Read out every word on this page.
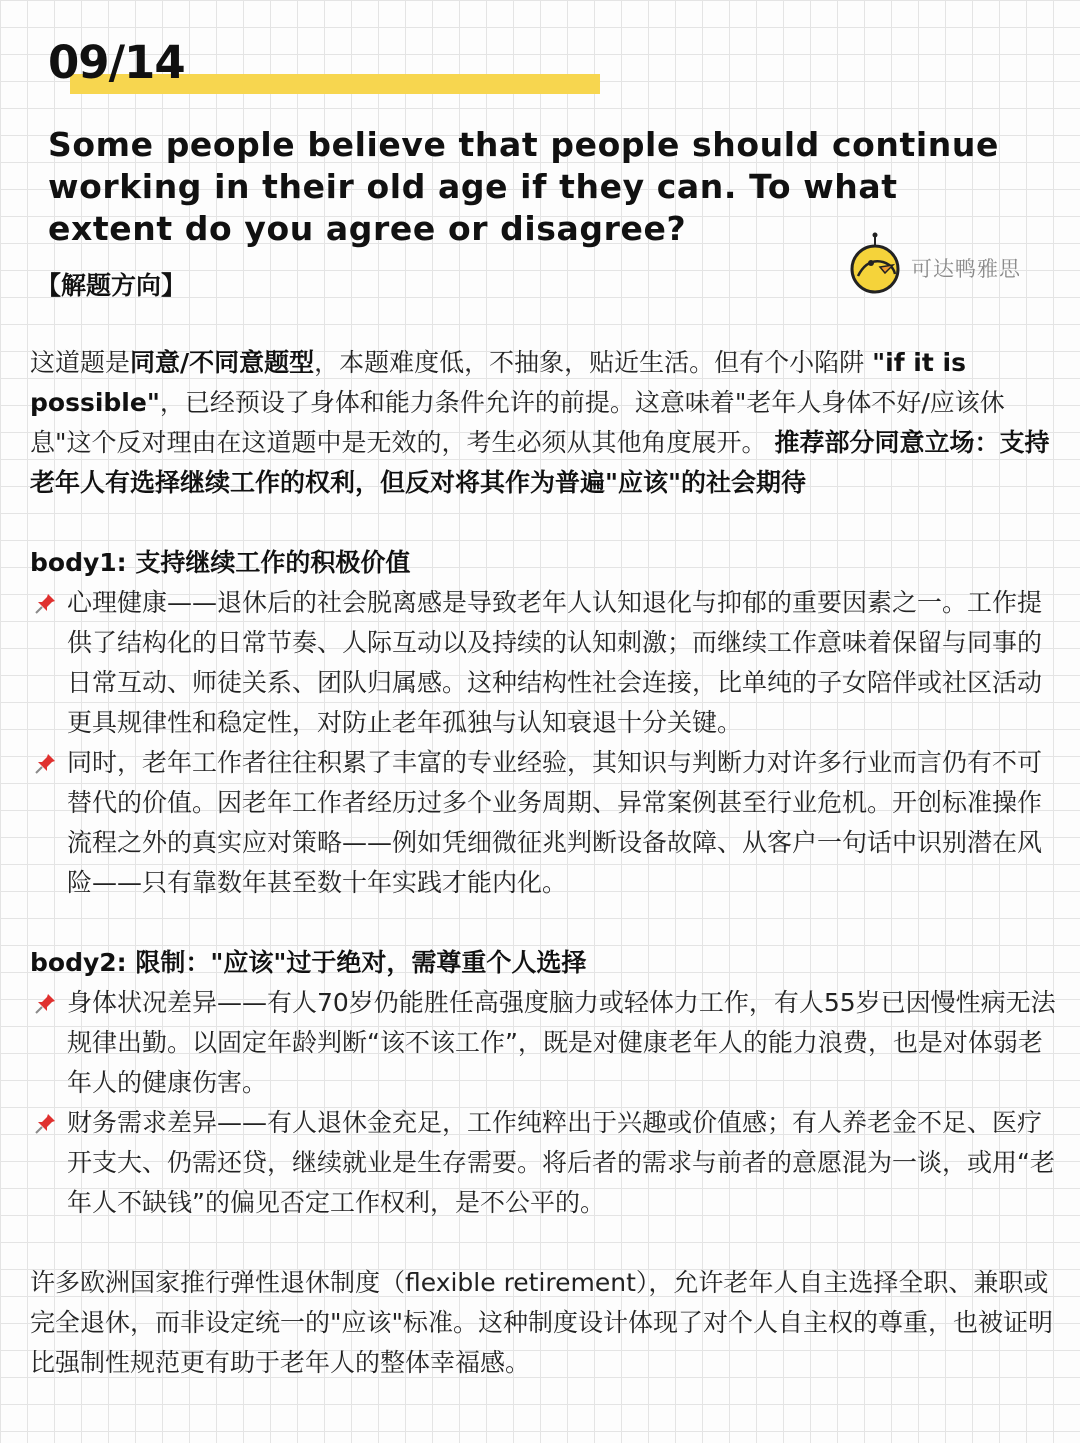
09/14

Some people believe that people should continue working in their old age if they can. To what extent do you agree or disagree?

【解题方向】
可达鸭雅思

这道题是同意/不同意题型，本题难度低，不抽象，贴近生活。但有个小陷阱 "if it is possible"，已经预设了身体和能力条件允许的前提。这意味着"老年人身体不好/应该休息"这个反对理由在这道题中是无效的，考生必须从其他角度展开。 推荐部分同意立场：支持老年人有选择继续工作的权利，但反对将其作为普遍"应该"的社会期待

body1: 支持继续工作的积极价值

心理健康——退休后的社会脱离感是导致老年人认知退化与抑郁的重要因素之一。工作提供了结构化的日常节奏、人际互动以及持续的认知刺激；而继续工作意味着保留与同事的日常互动、师徒关系、团队归属感。这种结构性社会连接，比单纯的子女陪伴或社区活动更具规律性和稳定性，对防止老年孤独与认知衰退十分关键。
同时，老年工作者往往积累了丰富的专业经验，其知识与判断力对许多行业而言仍有不可替代的价值。因老年工作者经历过多个业务周期、异常案例甚至行业危机。开创标准操作流程之外的真实应对策略——例如凭细微征兆判断设备故障、从客户一句话中识别潜在风险——只有靠数年甚至数十年实践才能内化。

body2: 限制："应该"过于绝对，需尊重个人选择

身体状况差异——有人70岁仍能胜任高强度脑力或轻体力工作，有人55岁已因慢性病无法规律出勤。以固定年龄判断“该不该工作”，既是对健康老年人的能力浪费，也是对体弱老年人的健康伤害。
财务需求差异——有人退休金充足，工作纯粹出于兴趣或价值感；有人养老金不足、医疗开支大、仍需还贷，继续就业是生存需要。将后者的需求与前者的意愿混为一谈，或用“老年人不缺钱”的偏见否定工作权利，是不公平的。

许多欧洲国家推行弹性退休制度（flexible retirement），允许老年人自主选择全职、兼职或完全退休，而非设定统一的"应该"标准。这种制度设计体现了对个人自主权的尊重，也被证明比强制性规范更有助于老年人的整体幸福感。
